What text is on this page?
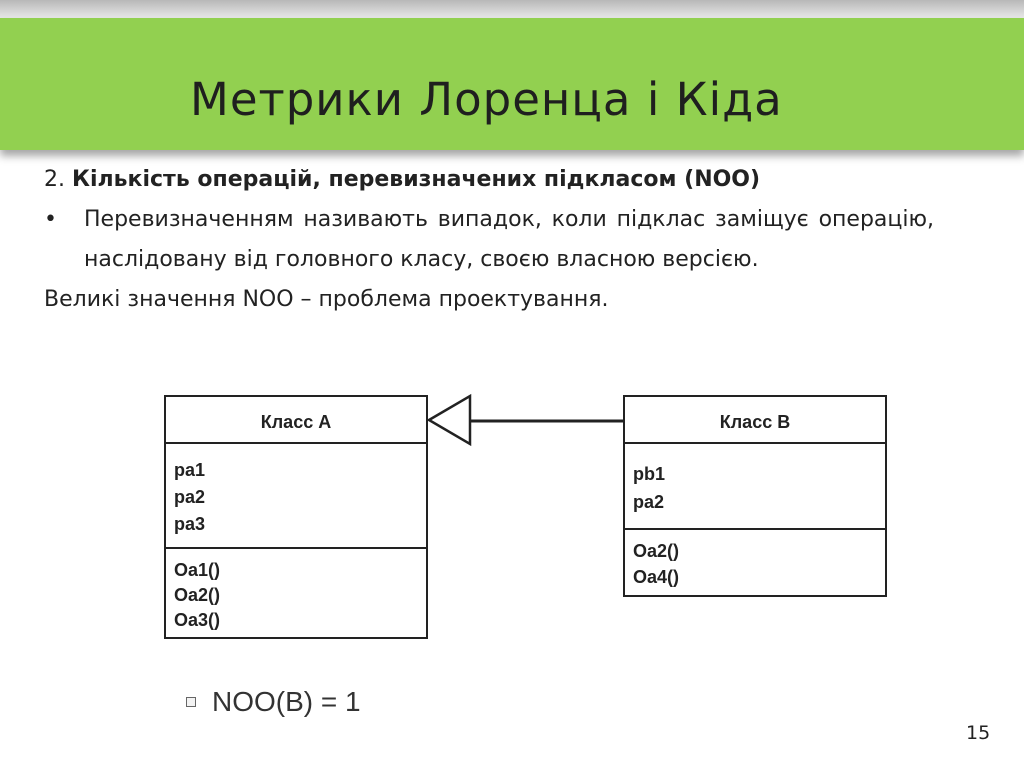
Метрики Лоренца і Кіда
2. Кількість операцій, перевизначених підкласом (NOO)
• Перевизначенням називають випадок, коли підклас заміщує операцію, наслідовану від головного класу, своєю власною версією.
Великі значення NOO – проблема проектування.
Класс А
pa1
pa2
pa3
Oa1()
Oa2()
Oa3()
Класс В
pb1
pa2
Oa2()
Oa4()
NOO(B) = 1
15
